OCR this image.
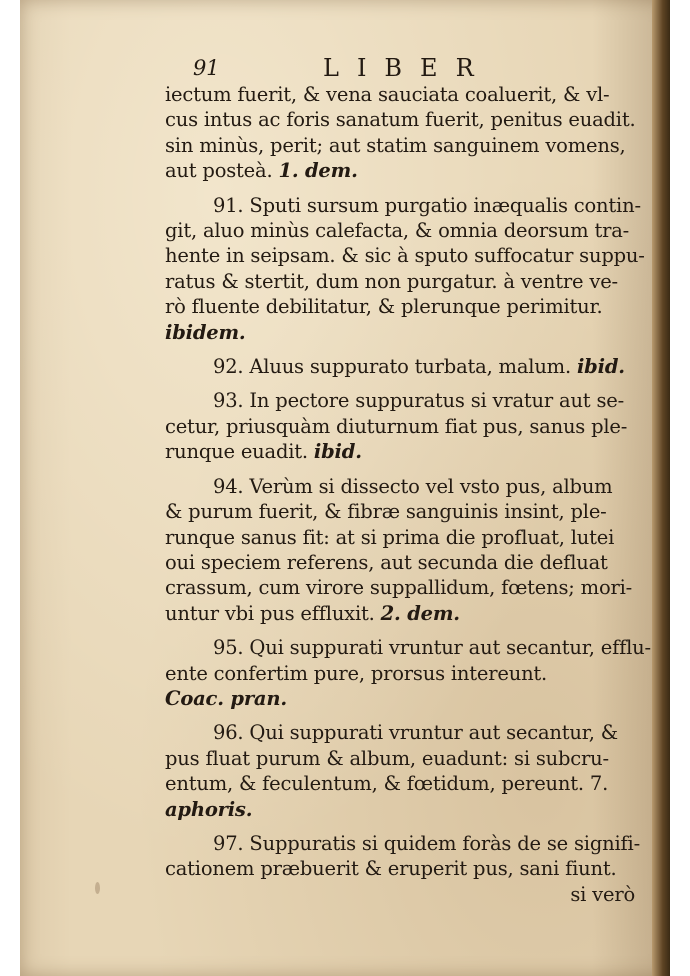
91	LIBER
iectum fuerit, & vena sauciata coaluerit, & vl-
cus intus ac foris sanatum fuerit, penitus euadit.
sin minùs, perit; aut statim sanguinem vomens,
aut posteà. 1. dem.
91. Sputi sursum purgatio inæqualis contin-
git, aluo minùs calefacta, & omnia deorsum tra-
hente in seipsam. & sic à sputo suffocatur suppu-
ratus & stertit, dum non purgatur. à ventre ve-
rò fluente debilitatur, & plerunque perimitur.
ibidem.
92. Aluus suppurato turbata, malum. ibid.
93. In pectore suppuratus si vratur aut se-
cetur, priusquàm diuturnum fiat pus, sanus ple-
runque euadit. ibid.
94. Verùm si dissecto vel vsto pus, album
& purum fuerit, & fibræ sanguinis insint, ple-
runque sanus fit: at si prima die profluat, lutei
oui speciem referens, aut secunda die defluat
crassum, cum virore suppallidum, fœtens; mori-
untur vbi pus effluxit. 2. dem.
95. Qui suppurati vruntur aut secantur, efflu-
ente confertim pure, prorsus intereunt.
Coac. pran.
96. Qui suppurati vruntur aut secantur, &
pus fluat purum & album, euadunt: si subcru-
entum, & feculentum, & fœtidum, pereunt. 7.
aphoris.
97. Suppuratis si quidem foràs de se signifi-
cationem præbuerit & eruperit pus, sani fiunt.
si verò
